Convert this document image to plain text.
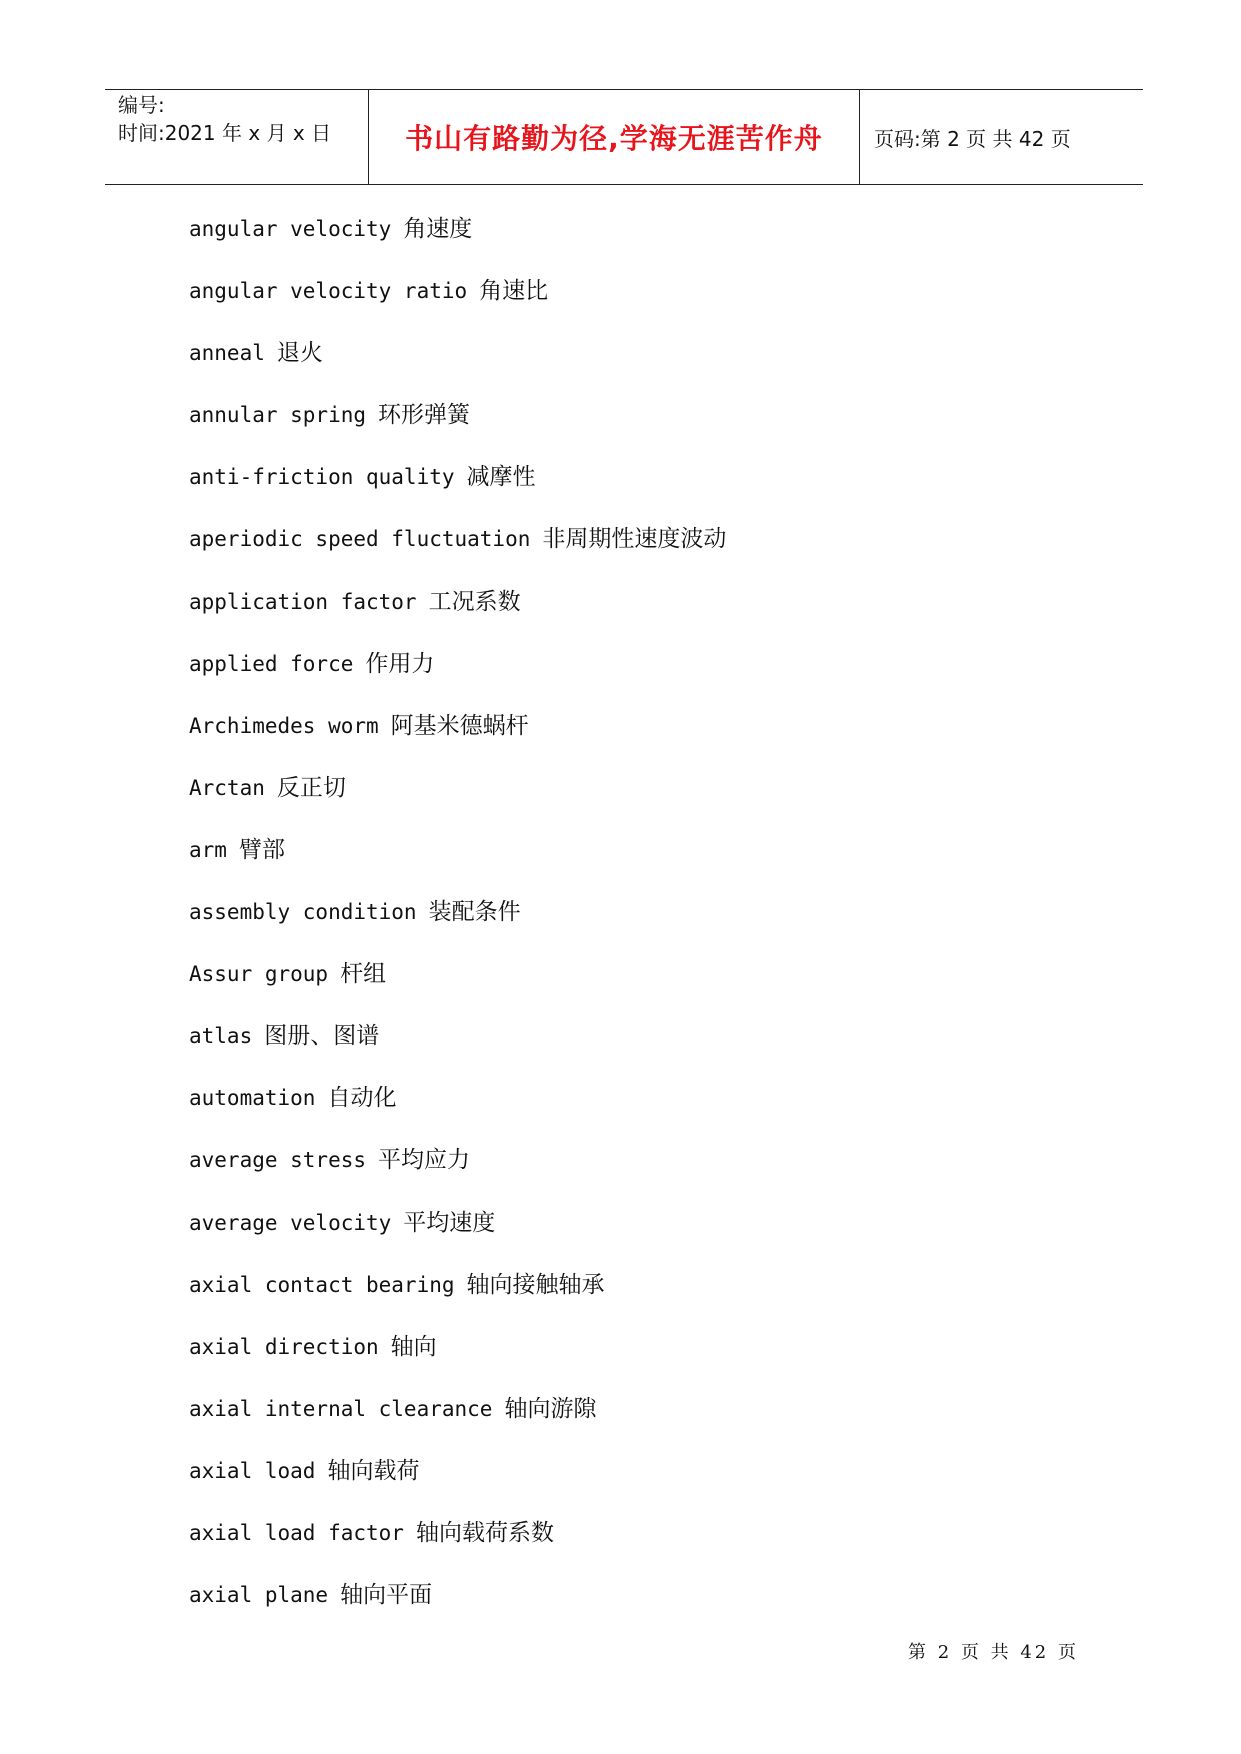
编号:
时间:2021 年 x 月 x 日	书山有路勤为径,学海无涯苦作舟	页码:第 2 页 共 42 页
angular velocity 角速度
angular velocity ratio 角速比
anneal 退火
annular spring 环形弹簧
anti-friction quality 减摩性
aperiodic speed fluctuation 非周期性速度波动
application factor 工况系数
applied force 作用力
Archimedes worm 阿基米德蜗杆
Arctan 反正切
arm 臂部
assembly condition 装配条件
Assur group 杆组
atlas 图册、图谱
automation 自动化
average stress 平均应力
average velocity 平均速度
axial contact bearing 轴向接触轴承
axial direction 轴向
axial internal clearance 轴向游隙
axial load 轴向载荷
axial load factor 轴向载荷系数
axial plane 轴向平面
第 2 页 共 42 页
